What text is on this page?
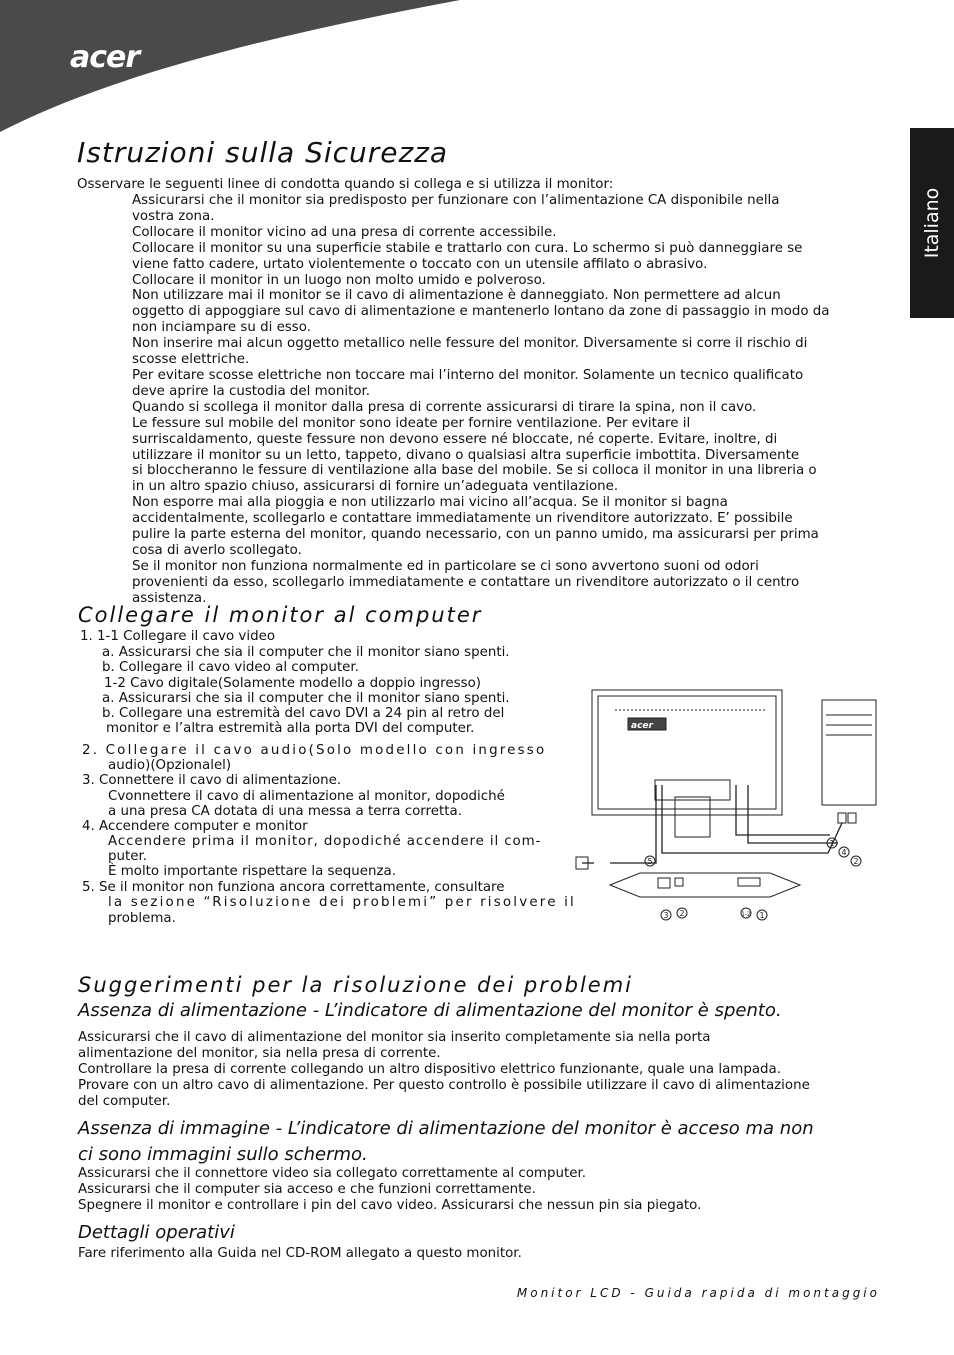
acer
Italiano
Istruzioni sulla Sicurezza
Osservare le seguenti linee di condotta quando si collega e si utilizza il monitor:
Assicurarsi che il monitor sia predisposto per funzionare con l’alimentazione CA disponibile nella
vostra zona.
Collocare il monitor vicino ad una presa di corrente accessibile.
Collocare il monitor su una superficie stabile e trattarlo con cura. Lo schermo si può danneggiare se
viene fatto cadere, urtato violentemente o toccato con un utensile affilato o abrasivo.
Collocare il monitor in un luogo non molto umido e polveroso.
Non utilizzare mai il monitor se il cavo di alimentazione è danneggiato. Non permettere ad alcun
oggetto di appoggiare sul cavo di alimentazione e mantenerlo lontano da zone di passaggio in modo da
non inciampare su di esso.
Non inserire mai alcun oggetto metallico nelle fessure del monitor. Diversamente si corre il rischio di
scosse elettriche.
Per evitare scosse elettriche non toccare mai l’interno del monitor. Solamente un tecnico qualificato
deve aprire la custodia del monitor.
Quando si scollega il monitor dalla presa di corrente assicurarsi di tirare la spina, non il cavo.
Le fessure sul mobile del monitor sono ideate per fornire ventilazione. Per evitare il
surriscaldamento, queste fessure non devono essere né bloccate, né coperte. Evitare, inoltre, di
utilizzare il monitor su un letto, tappeto, divano o qualsiasi altra superficie imbottita. Diversamente
si bloccheranno le fessure di ventilazione alla base del mobile. Se si colloca il monitor in una libreria o
in un altro spazio chiuso, assicurarsi di fornire un’adeguata ventilazione.
Non esporre mai alla pioggia e non utilizzarlo mai vicino all’acqua. Se il monitor si bagna
accidentalmente, scollegarlo e contattare immediatamente un rivenditore autorizzato. E’ possibile
pulire la parte esterna del monitor, quando necessario, con un panno umido, ma assicurarsi per prima
cosa di averlo scollegato.
Se il monitor non funziona normalmente ed in particolare se ci sono avvertono suoni od odori
provenienti da esso, scollegarlo immediatamente e contattare un rivenditore autorizzato o il centro
assistenza.
Collegare il monitor al computer
1. 1-1 Collegare il cavo video
a. Assicurarsi che sia il computer che il monitor siano spenti.
b. Collegare il cavo video al computer.
1-2 Cavo digitale(Solamente modello a doppio ingresso)
a. Assicurarsi che sia il computer che il monitor siano spenti.
b. Collegare una estremità del cavo DVI a 24 pin al retro del
monitor e l’altra estremità alla porta DVI del computer.
2. Collegare il cavo audio(Solo modello con ingresso
audio)(Opzionalel)
3. Connettere il cavo di alimentazione.
Cvonnettere il cavo di alimentazione al monitor, dopodiché
a una presa CA dotata di una messa a terra corretta.
4. Accendere computer e monitor
Accendere prima il monitor, dopodiché accendere il com-
puter.
È molto importante rispettare la sequenza.
5. Se il monitor non funziona ancora correttamente, consultare
la sezione “Risoluzione dei problemi” per risolvere il
problema.
acer
5
1
4
2
3 2	1-2 1
Suggerimenti per la risoluzione dei problemi
Assenza di alimentazione - L’indicatore di alimentazione del monitor è spento.
Assicurarsi che il cavo di alimentazione del monitor sia inserito completamente sia nella porta
alimentazione del monitor, sia nella presa di corrente.
Controllare la presa di corrente collegando un altro dispositivo elettrico funzionante, quale una lampada.
Provare con un altro cavo di alimentazione. Per questo controllo è possibile utilizzare il cavo di alimentazione
del computer.
Assenza di immagine - L’indicatore di alimentazione del monitor è acceso ma non
ci sono immagini sullo schermo.
Assicurarsi che il connettore video sia collegato correttamente al computer.
Assicurarsi che il computer sia acceso e che funzioni correttamente.
Spegnere il monitor e controllare i pin del cavo video. Assicurarsi che nessun pin sia piegato.
Dettagli operativi
Fare riferimento alla Guida nel CD-ROM allegato a questo monitor.
Monitor LCD - Guida rapida di montaggio
